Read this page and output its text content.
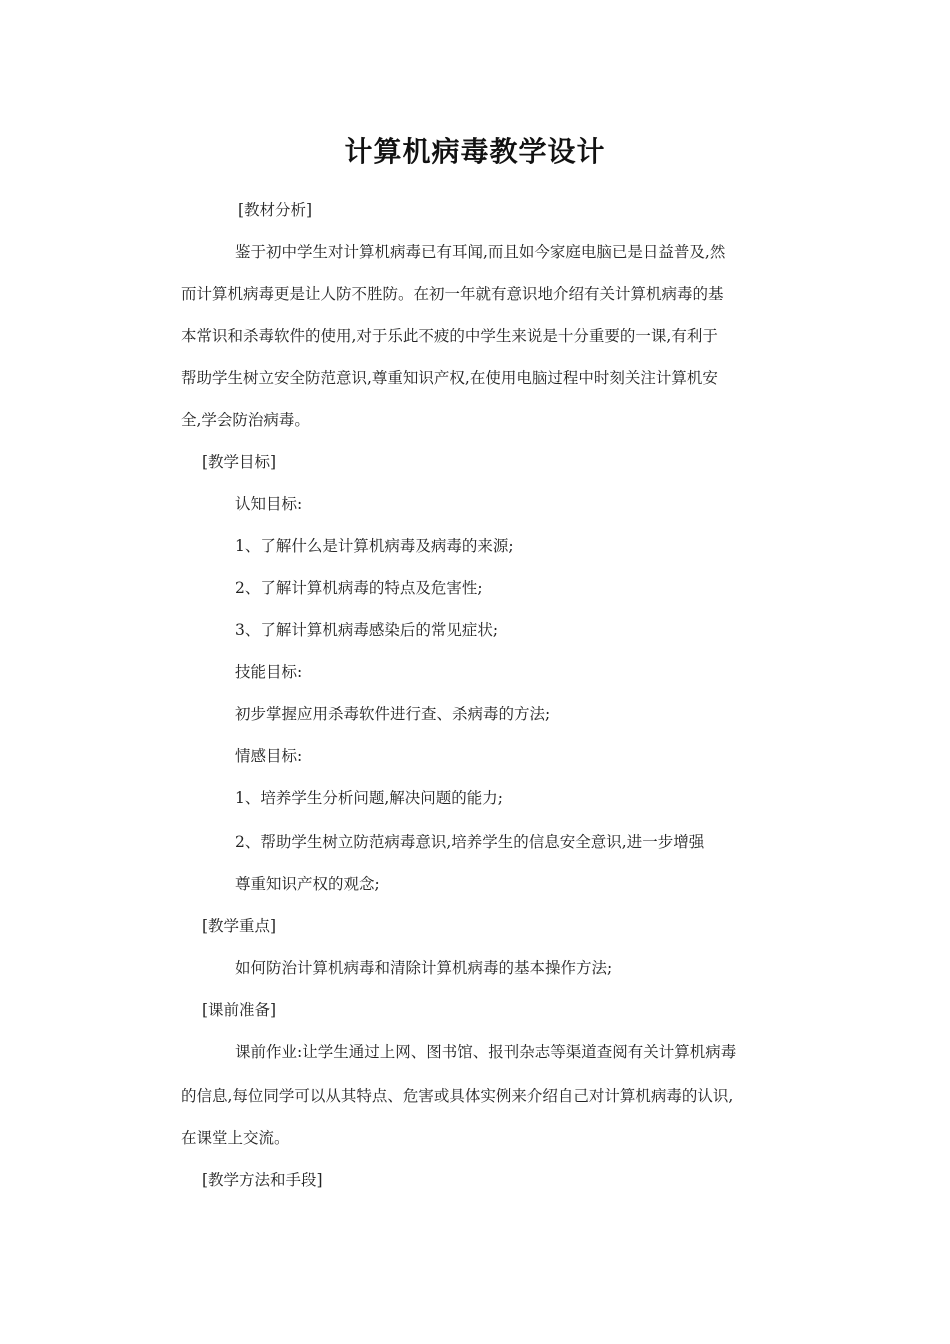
计算机病毒教学设计
[教材分析]
鉴于初中学生对计算机病毒已有耳闻,而且如今家庭电脑已是日益普及,然
而计算机病毒更是让人防不胜防。在初一年就有意识地介绍有关计算机病毒的基
本常识和杀毒软件的使用,对于乐此不疲的中学生来说是十分重要的一课,有利于
帮助学生树立安全防范意识,尊重知识产权,在使用电脑过程中时刻关注计算机安
全,学会防治病毒。
[教学目标]
认知目标:
1、了解什么是计算机病毒及病毒的来源;
2、了解计算机病毒的特点及危害性;
3、了解计算机病毒感染后的常见症状;
技能目标:
初步掌握应用杀毒软件进行查、杀病毒的方法;
情感目标:
1、培养学生分析问题,解决问题的能力;
2、帮助学生树立防范病毒意识,培养学生的信息安全意识,进一步增强
尊重知识产权的观念;
[教学重点]
如何防治计算机病毒和清除计算机病毒的基本操作方法;
[课前准备]
课前作业:让学生通过上网、图书馆、报刊杂志等渠道查阅有关计算机病毒
的信息,每位同学可以从其特点、危害或具体实例来介绍自己对计算机病毒的认识,
在课堂上交流。
[教学方法和手段]
